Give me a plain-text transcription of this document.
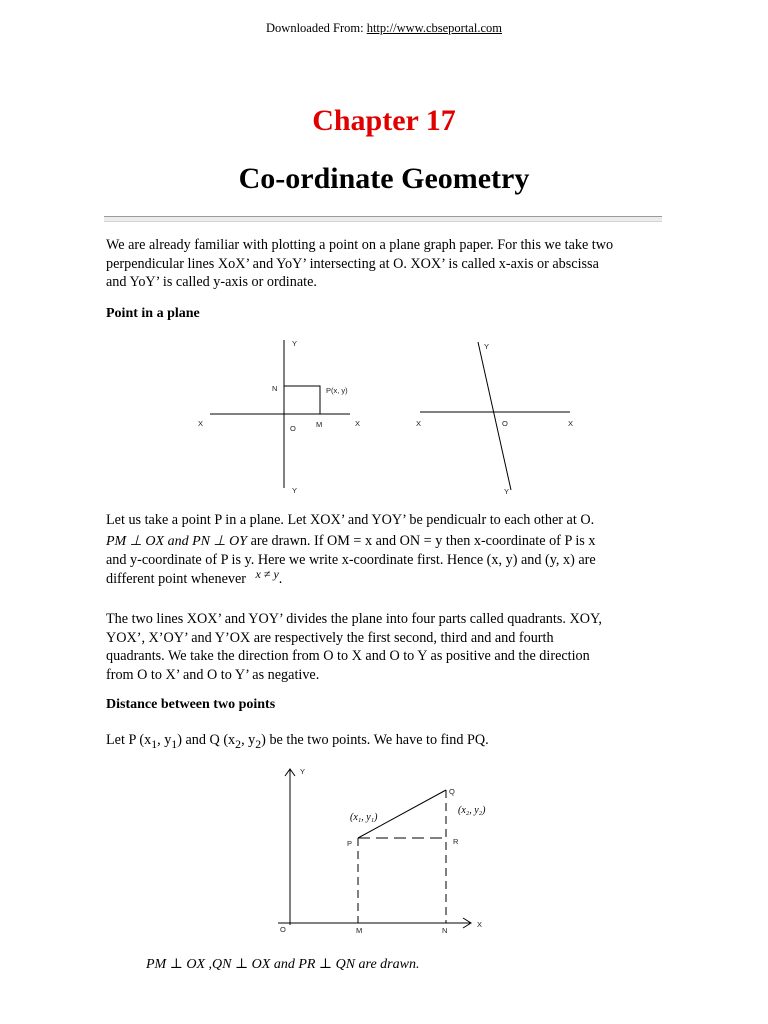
Downloaded From: http://www.cbseportal.com
Chapter 17
Co-ordinate Geometry
We are already familiar with plotting a point on a plane graph paper. For this we take two
perpendicular lines XoX’ and YoY’ intersecting at O. XOX’ is called x-axis or abscissa
and YoY’ is called y-axis or ordinate.
Point in a plane
Y
Y
X	X
N
O	M
P(x, y)
Y
Y
X	X
O
Let us take a point P in a plane. Let XOX’ and YOY’ be pendicualr to each other at O.
PM ⊥ OX and PN ⊥ OY are drawn. If OM = x and ON = y then x-coordinate of P is x
and y-coordinate of P is y. Here we write x-coordinate first. Hence (x, y) and (y, x) are
different point whenever $^{x \ne y}$.
The two lines XOX’ and YOY’ divides the plane into four parts called quadrants. XOY,
YOX’, X’OY’ and Y’OX are respectively the first second, third and and fourth
quadrants. We take the direction from O to X and O to Y as positive and the direction
from O to X’ and O to Y’ as negative.
Distance between two points
Let P ($x_1$, $y_1$) and Q ($x_2$, $y_2$) be the two points. We have to find PQ.
Y
X
O	M	N
P
Q
R
(x₁, y₁)
(x₂, y₂)
PM ⊥ OX ,QN ⊥ OX and PR ⊥ QN are drawn.
